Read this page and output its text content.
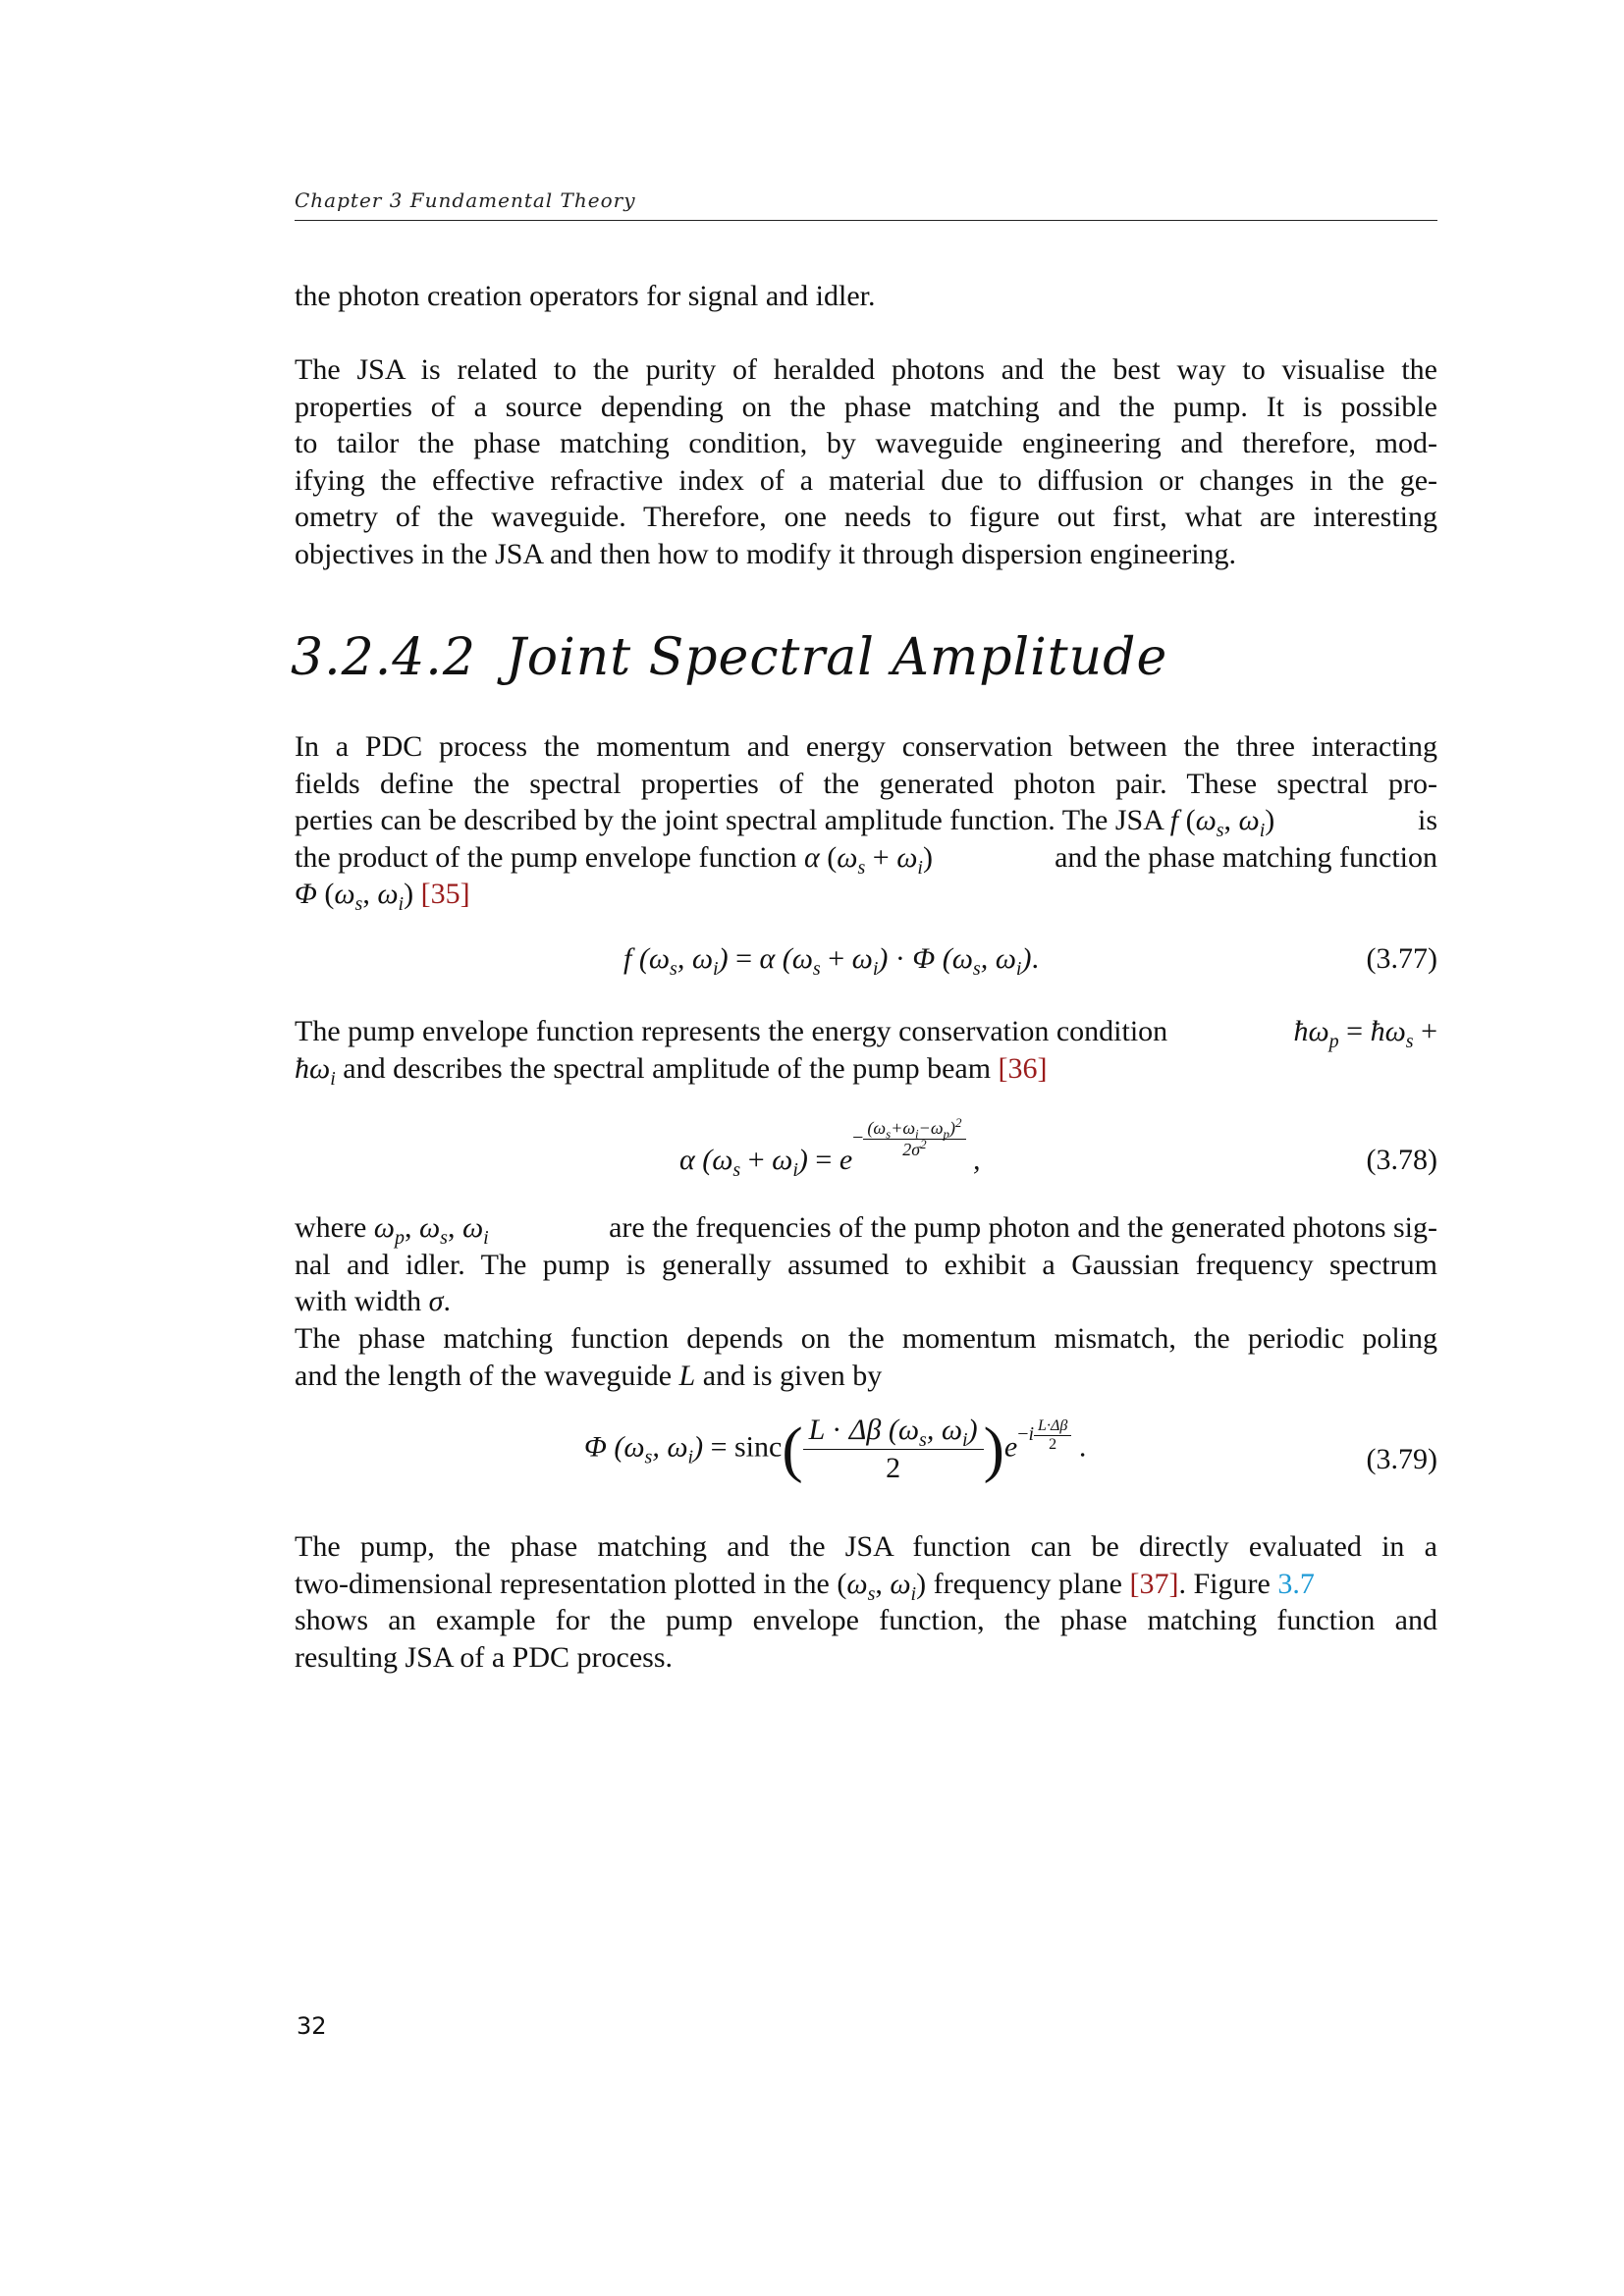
Chapter 3 Fundamental Theory
the photon creation operators for signal and idler.
The JSA is related to the purity of heralded photons and the best way to visualise the
properties of a source depending on the phase matching and the pump. It is possible
to tailor the phase matching condition, by waveguide engineering and therefore, mod-
ifying the effective refractive index of a material due to diffusion or changes in the ge-
ometry of the waveguide. Therefore, one needs to figure out first, what are interesting
objectives in the JSA and then how to modify it through dispersion engineering.
3.2.4.2 Joint Spectral Amplitude
In a PDC process the momentum and energy conservation between the three interacting
fields define the spectral properties of the generated photon pair. These spectral pro-
perties can be described by the joint spectral amplitude function. The JSA f ($\omega_s$, $\omega_i$)	is
the product of the pump envelope function α $(\omega_s + \omega_i)$	and the phase matching function
Φ ($\omega_s$, $\omega_i$) [35]
f ($\omega_s$, $\omega_i) = \alpha$ $(\omega_s + \omega_i) \cdot \Phi$ ($\omega_s$, $\omega_i$).	(3.77)
The pump envelope function represents the energy conservation condition	$ħ\omega_p$ = $ħ\omega_s$ +
$ħ\omega_i$ and describes the spectral amplitude of the pump beam [36]
α $(\omega_s + \omega_i) = e^{- \frac{(\omega_s+\omega_i-\omega_p)^2}{2\sigma^2}}$ ,	(3.78)
where $\omega_p$, $\omega_s$, $\omega_i$	are the frequencies of the pump photon and the generated photons sig-
nal and idler. The pump is generally assumed to exhibit a Gaussian frequency spectrum
with width σ.
The phase matching function depends on the momentum mismatch, the periodic poling
and the length of the waveguide L and is given by
Φ ($\omega_s$, $\omega_i) = \sin c( \frac{L \cdot \Delta\beta (\omega_s, \omega_i)}{2} )e^{-i \frac{L\cdot\Delta\beta}{2}}$ .	(3.79)
The pump, the phase matching and the JSA function can be directly evaluated in a
two-dimensional representation plotted in the ($\omega_s$, $\omega_i$) frequency plane [37]. Figure 3.7
shows an example for the pump envelope function, the phase matching function and
resulting JSA of a PDC process.
32
